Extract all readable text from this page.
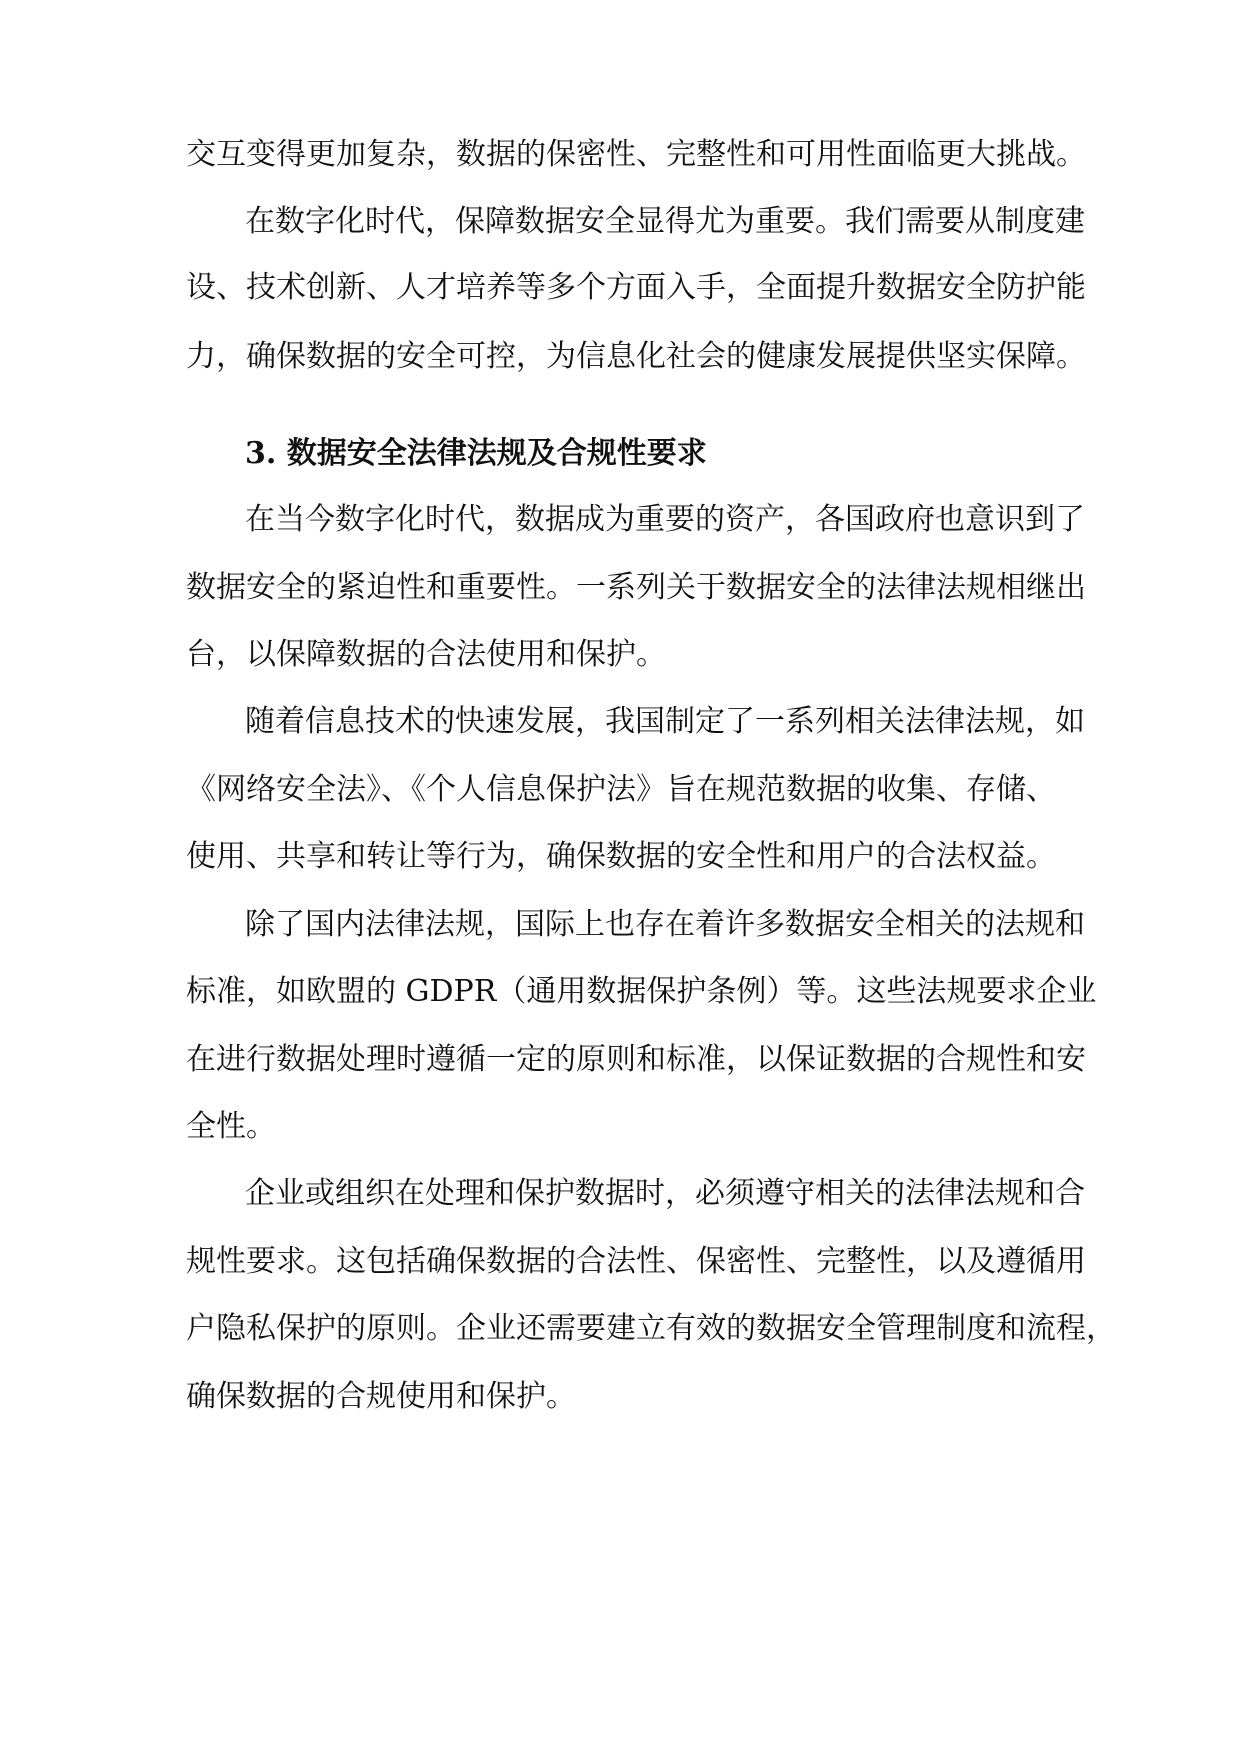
交互变得更加复杂，数据的保密性、完整性和可用性面临更大挑战。
在数字化时代，保障数据安全显得尤为重要。我们需要从制度建
设、技术创新、人才培养等多个方面入手，全面提升数据安全防护能
力，确保数据的安全可控，为信息化社会的健康发展提供坚实保障。
3. 数据安全法律法规及合规性要求
在当今数字化时代，数据成为重要的资产，各国政府也意识到了
数据安全的紧迫性和重要性。一系列关于数据安全的法律法规相继出
台，以保障数据的合法使用和保护。
随着信息技术的快速发展，我国制定了一系列相关法律法规，如
《网络安全法》、《个人信息保护法》旨在规范数据的收集、存储、
使用、共享和转让等行为，确保数据的安全性和用户的合法权益。
除了国内法律法规，国际上也存在着许多数据安全相关的法规和
标准，如欧盟的 GDPR（通用数据保护条例）等。这些法规要求企业
在进行数据处理时遵循一定的原则和标准，以保证数据的合规性和安
全性。
企业或组织在处理和保护数据时，必须遵守相关的法律法规和合
规性要求。这包括确保数据的合法性、保密性、完整性，以及遵循用
户隐私保护的原则。企业还需要建立有效的数据安全管理制度和流程，
确保数据的合规使用和保护。
